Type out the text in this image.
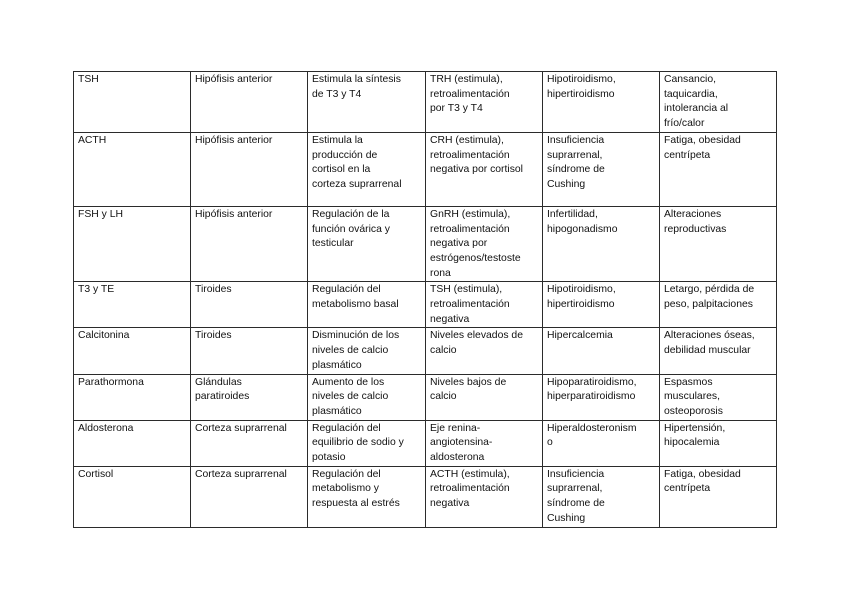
TSH	Hipófisis anterior	Estimula la síntesis
de T3 y T4	TRH (estimula),
retroalimentación
por T3 y T4	Hipotiroidismo,
hipertiroidismo	Cansancio,
taquicardia,
intolerancia al
frío/calor

ACTH	Hipófisis anterior	Estimula la
producción de
cortisol en la
corteza suprarrenal	CRH (estimula),
retroalimentación
negativa por cortisol	Insuficiencia
suprarrenal,
síndrome de
Cushing	Fatiga, obesidad
centrípeta

FSH y LH	Hipófisis anterior	Regulación de la
función ovárica y
testicular	GnRH (estimula),
retroalimentación
negativa por
estrógenos/testoste
rona	Infertilidad,
hipogonadismo	Alteraciones
reproductivas

T3 y TE	Tiroides	Regulación del
metabolismo basal	TSH (estimula),
retroalimentación
negativa	Hipotiroidismo,
hipertiroidismo	Letargo, pérdida de
peso, palpitaciones

Calcitonina	Tiroides	Disminución de los
niveles de calcio
plasmático	Niveles elevados de
calcio	Hipercalcemia	Alteraciones óseas,
debilidad muscular

Parathormona	Glándulas
paratiroides	Aumento de los
niveles de calcio
plasmático	Niveles bajos de
calcio	Hipoparatiroidismo,
hiperparatiroidismo	Espasmos
musculares,
osteoporosis

Aldosterona	Corteza suprarrenal	Regulación del
equilibrio de sodio y
potasio	Eje renina-
angiotensina-
aldosterona	Hiperaldosteronism
o	Hipertensión,
hipocalemia

Cortisol	Corteza suprarrenal	Regulación del
metabolismo y
respuesta al estrés	ACTH (estimula),
retroalimentación
negativa	Insuficiencia
suprarrenal,
síndrome de
Cushing	Fatiga, obesidad
centrípeta
